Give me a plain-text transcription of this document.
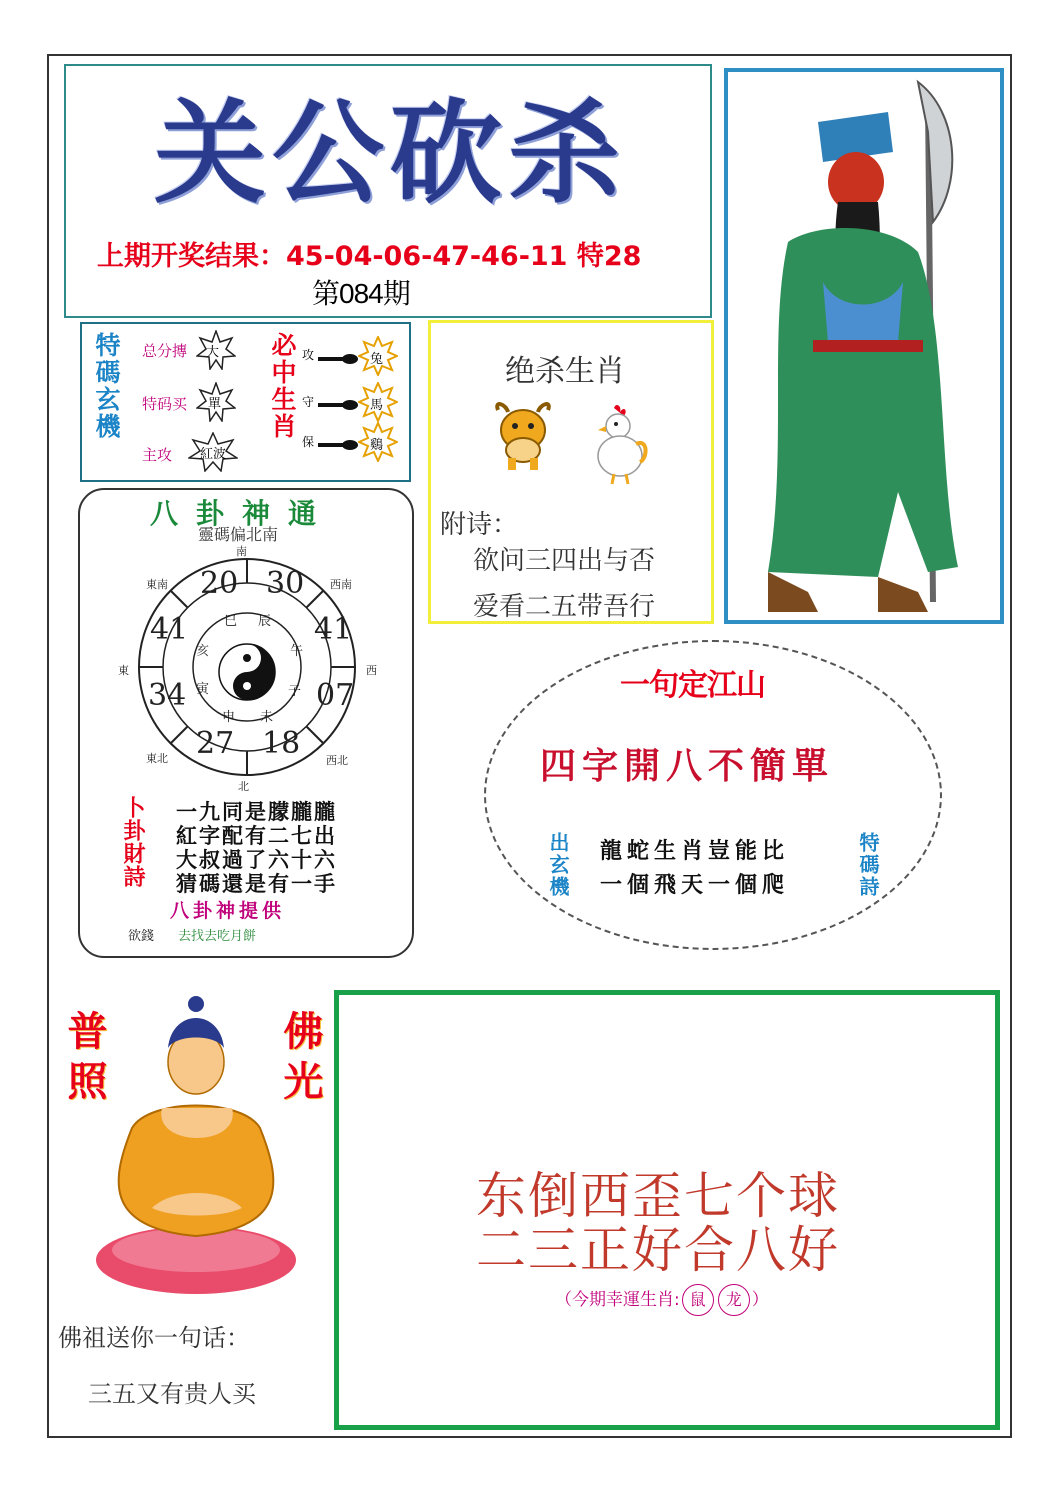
关公砍杀
上期开奖结果：45-04-06-47-46-11 特28
第084期
特碼玄機 总分摶
特码买
主攻
大
單
紅波
必中生肖 攻
守
保
兔
馬
鷄
绝杀生肖
附诗：
欲问三四出与否
爱看二五带吾行
八卦神通
靈碼偏北南
南
北
東	西
東南	西南
東北	西北
20 30
41	41
34	07
27 18
巳 辰
亥	午
寅	子
申 未
卜卦財詩 一九同是朦朧朧
紅字配有二七出
大叔過了六十六
猜碼還是有一手
八卦神提供
欲錢 去找去吃月餅
一句定江山
四字開八不簡單
出玄機	特碼詩
龍蛇生肖豈能比
一個飛天一個爬
普照	佛光
佛祖送你一句话：
三五又有贵人买
东倒西歪七个球
二三正好合八好
（今期幸運生肖: 鼠 龙 ）
